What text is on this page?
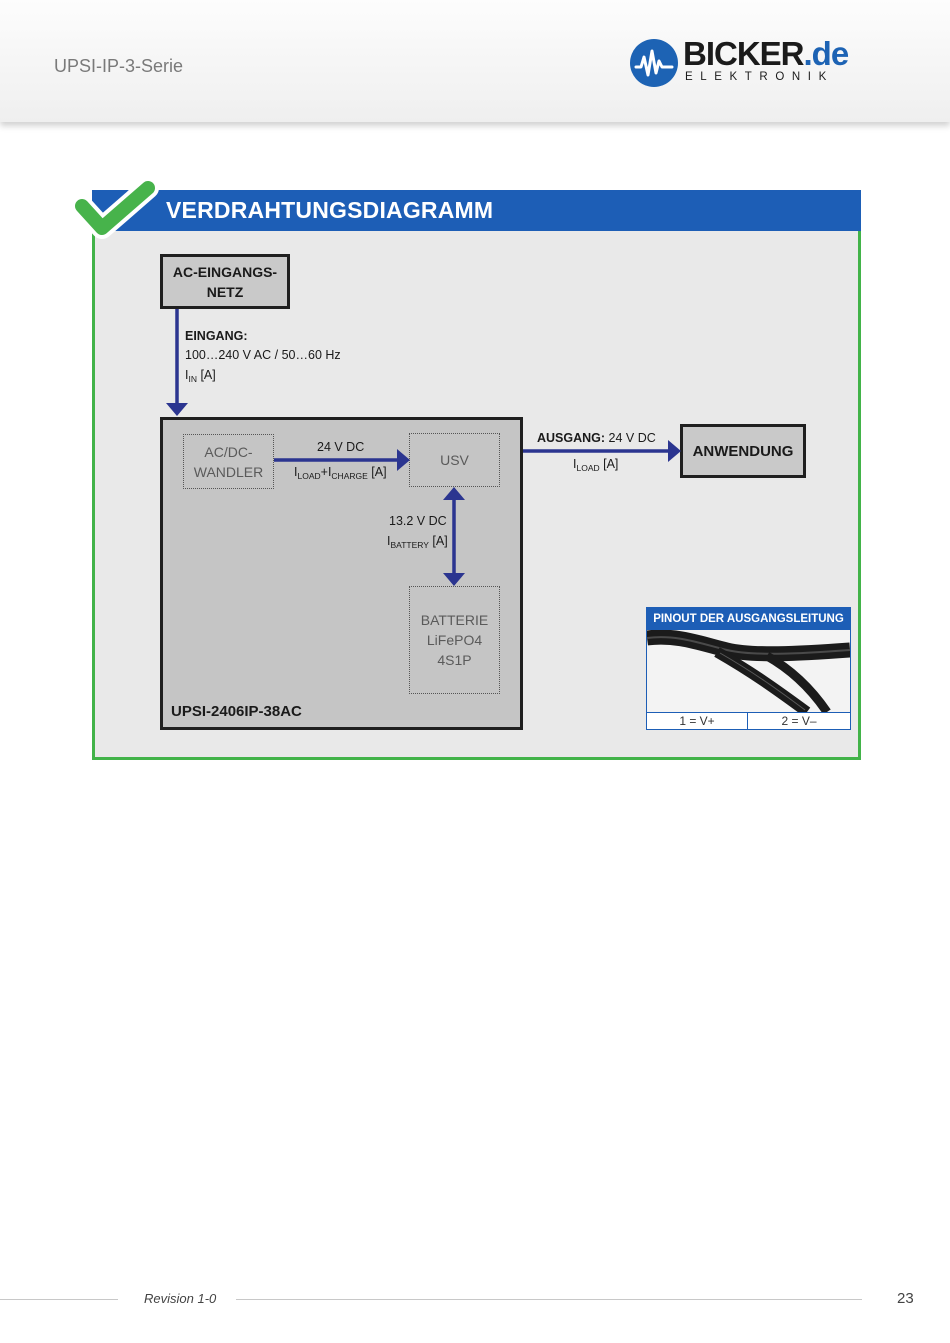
UPSI-IP-3-Serie	BICKER.de
ELEKTRONIK
VERDRAHTUNGSDIAGRAMM
AC-EINGANGS-
NETZ
UPSI-2406IP-38AC
AC/DC-
WANDLER
USV
BATTERIE
LiFePO4
4S1P
ANWENDUNG
EINGANG:
100…240 V AC / 50…60 Hz
$I_{IN}$ [A]
24 V DC
$I_{LOAD}+I_{CHARGE}$ [A]
13.2 V DC
$I_{BATTERY}$ [A]
AUSGANG: 24 V DC
$I_{LOAD}$ [A]
PINOUT DER AUSGANGSLEITUNG
1 = V+	2 = V–
Revision 1-0	23
